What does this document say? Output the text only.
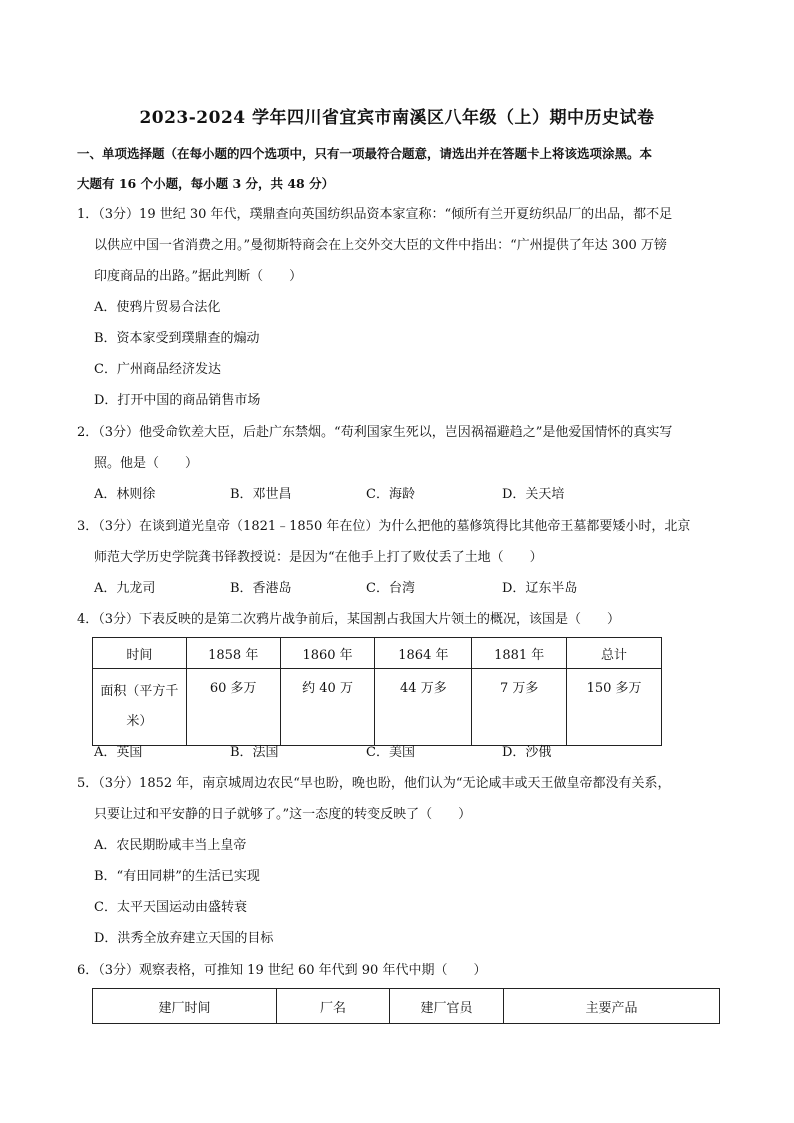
2023-2024 学年四川省宜宾市南溪区八年级（上）期中历史试卷
一、单项选择题（在每小题的四个选项中，只有一项最符合题意，请选出并在答题卡上将该选项涂黑。本
大题有 16 个小题，每小题 3 分，共 48 分）
1．（3分）19 世纪 30 年代，璞鼎查向英国纺织品资本家宣称：“倾所有兰开夏纺织品厂的出品，都不足
以供应中国一省消费之用。”曼彻斯特商会在上交外交大臣的文件中指出：“广州提供了年达 300 万镑
印度商品的出路。”据此判断（　　）
A．使鸦片贸易合法化
B．资本家受到璞鼎查的煽动
C．广州商品经济发达
D．打开中国的商品销售市场
2．（3分）他受命钦差大臣，后赴广东禁烟。“苟利国家生死以，岂因祸福避趋之”是他爱国情怀的真实写
照。他是（　　）
A．林则徐	B．邓世昌	C．海龄	D．关天培
3．（3分）在谈到道光皇帝（1821﹣1850 年在位）为什么把他的墓修筑得比其他帝王墓都要矮小时，北京
师范大学历史学院龚书铎教授说：是因为“在他手上打了败仗丢了土地（　　）
A．九龙司	B．香港岛	C．台湾	D．辽东半岛
4．（3分）下表反映的是第二次鸦片战争前后，某国割占我国大片领土的概况，该国是（　　）
时间	1858 年	1860 年	1864 年	1881 年	总计
面积（平方千
米）	60 多万	约 40 万	44 万多	7 万多	150 多万
A．英国	B．法国	C．美国	D．沙俄
5．（3分）1852 年，南京城周边农民“早也盼，晚也盼，他们认为“无论咸丰或天王做皇帝都没有关系，
只要让过和平安静的日子就够了。”这一态度的转变反映了（　　）
A．农民期盼咸丰当上皇帝
B．“有田同耕”的生活已实现
C．太平天国运动由盛转衰
D．洪秀全放弃建立天国的目标
6．（3分）观察表格，可推知 19 世纪 60 年代到 90 年代中期（　　）
建厂时间	厂名	建厂官员	主要产品
